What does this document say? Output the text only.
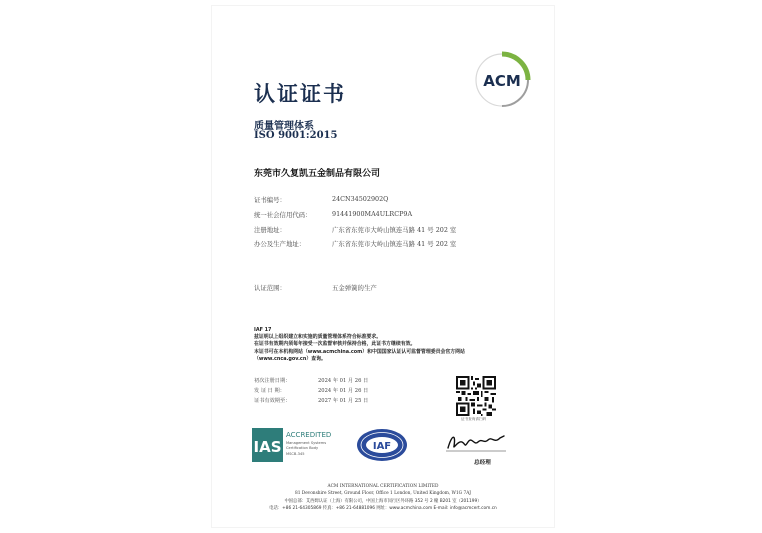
ACM
认证证书
质量管理体系
ISO 9001:2015
东莞市久复凯五金制品有限公司
证书编号：	24CN34502902Q
统一社会信用代码：	91441900MA4ULRCP9A
注册地址：	广东省东莞市大岭山镇连马路 41 号 202 室
办公及生产地址：	广东省东莞市大岭山镇连马路 41 号 202 室
认证范围：	五金弹簧的生产
IAF 17
兹证明以上组织建立和实施的质量管理体系符合标准要求。
在证书有效期内须每年接受一次监督审核并保持合格，此证书方继续有效。
本证书可在本机构网站（www.acmchina.com）和中国国家认证认可监督管理委员会官方网站
（www.cnca.gov.cn）查询。
初次注册日期：	2024 年 01 月 26 日
发 证 日 期：	2024 年 01 月 26 日
证书有效期至：	2027 年 01 月 25 日
证书查询请扫码
IAS
ACCREDITED
Management Systems
Certification Body
MSCB-345
IAF
总经理
ACM INTERNATIONAL CERTIFICATION LIMITED
81 Devonshire Street, Ground Floor, Office 1 London, United Kingdom, W1G 7AJ
中国总部：艾西姆认证（上海）有限公司，中国上海市闵行区外环路 352 号 2 幢 B201 室（201199）
电话：+86 21-64305869 传真：+86 21-64881096 网址：www.acmchina.com E-mail: info@acmcert.com.cn
